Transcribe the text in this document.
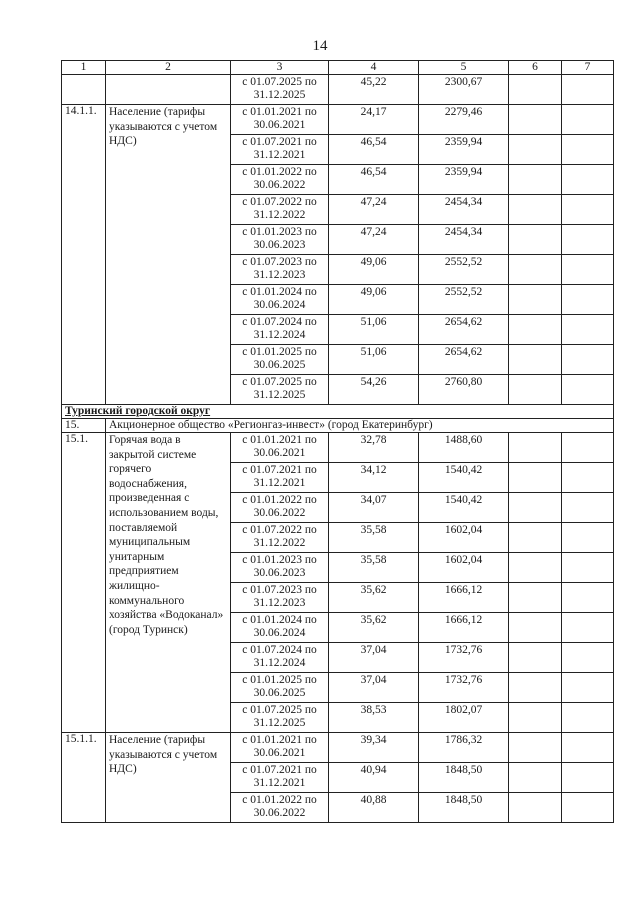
14
1	2	3	4	5	6	7
		с 01.07.2025 по 31.12.2025	45,22	2300,67		

14.1.1.	Население (тарифы указываются с учетом НДС)	с 01.01.2021 по 30.06.2021	24,17	2279,46		

		с 01.07.2021 по 31.12.2021	46,54	2359,94		

		с 01.01.2022 по 30.06.2022	46,54	2359,94		

		с 01.07.2022 по 31.12.2022	47,24	2454,34		

		с 01.01.2023 по 30.06.2023	47,24	2454,34		

		с 01.07.2023 по 31.12.2023	49,06	2552,52		

		с 01.01.2024 по 30.06.2024	49,06	2552,52		

		с 01.07.2024 по 31.12.2024	51,06	2654,62		

		с 01.01.2025 по 30.06.2025	51,06	2654,62		

		с 01.07.2025 по 31.12.2025	54,26	2760,80		

Туринский городской округ						
15.	Акционерное общество «Регионгаз-инвест» (город Екатеринбург)					
15.1.	Горячая вода в закрытой системе горячего водоснабжения, произведенная с использованием воды, поставляемой муниципальным унитарным предприятием жилищно-коммунального хозяйства «Водоканал» (город Туринск)	с 01.01.2021 по 30.06.2021	32,78	1488,60		

		с 01.07.2021 по 31.12.2021	34,12	1540,42		

		с 01.01.2022 по 30.06.2022	34,07	1540,42		

		с 01.07.2022 по 31.12.2022	35,58	1602,04		

		с 01.01.2023 по 30.06.2023	35,58	1602,04		

		с 01.07.2023 по 31.12.2023	35,62	1666,12		

		с 01.01.2024 по 30.06.2024	35,62	1666,12		

		с 01.07.2024 по 31.12.2024	37,04	1732,76		

		с 01.01.2025 по 30.06.2025	37,04	1732,76		

		с 01.07.2025 по 31.12.2025	38,53	1802,07		

15.1.1.	Население (тарифы указываются с учетом НДС)	с 01.01.2021 по 30.06.2021	39,34	1786,32		

		с 01.07.2021 по 31.12.2021	40,94	1848,50		

		с 01.01.2022 по 30.06.2022	40,88	1848,50		
